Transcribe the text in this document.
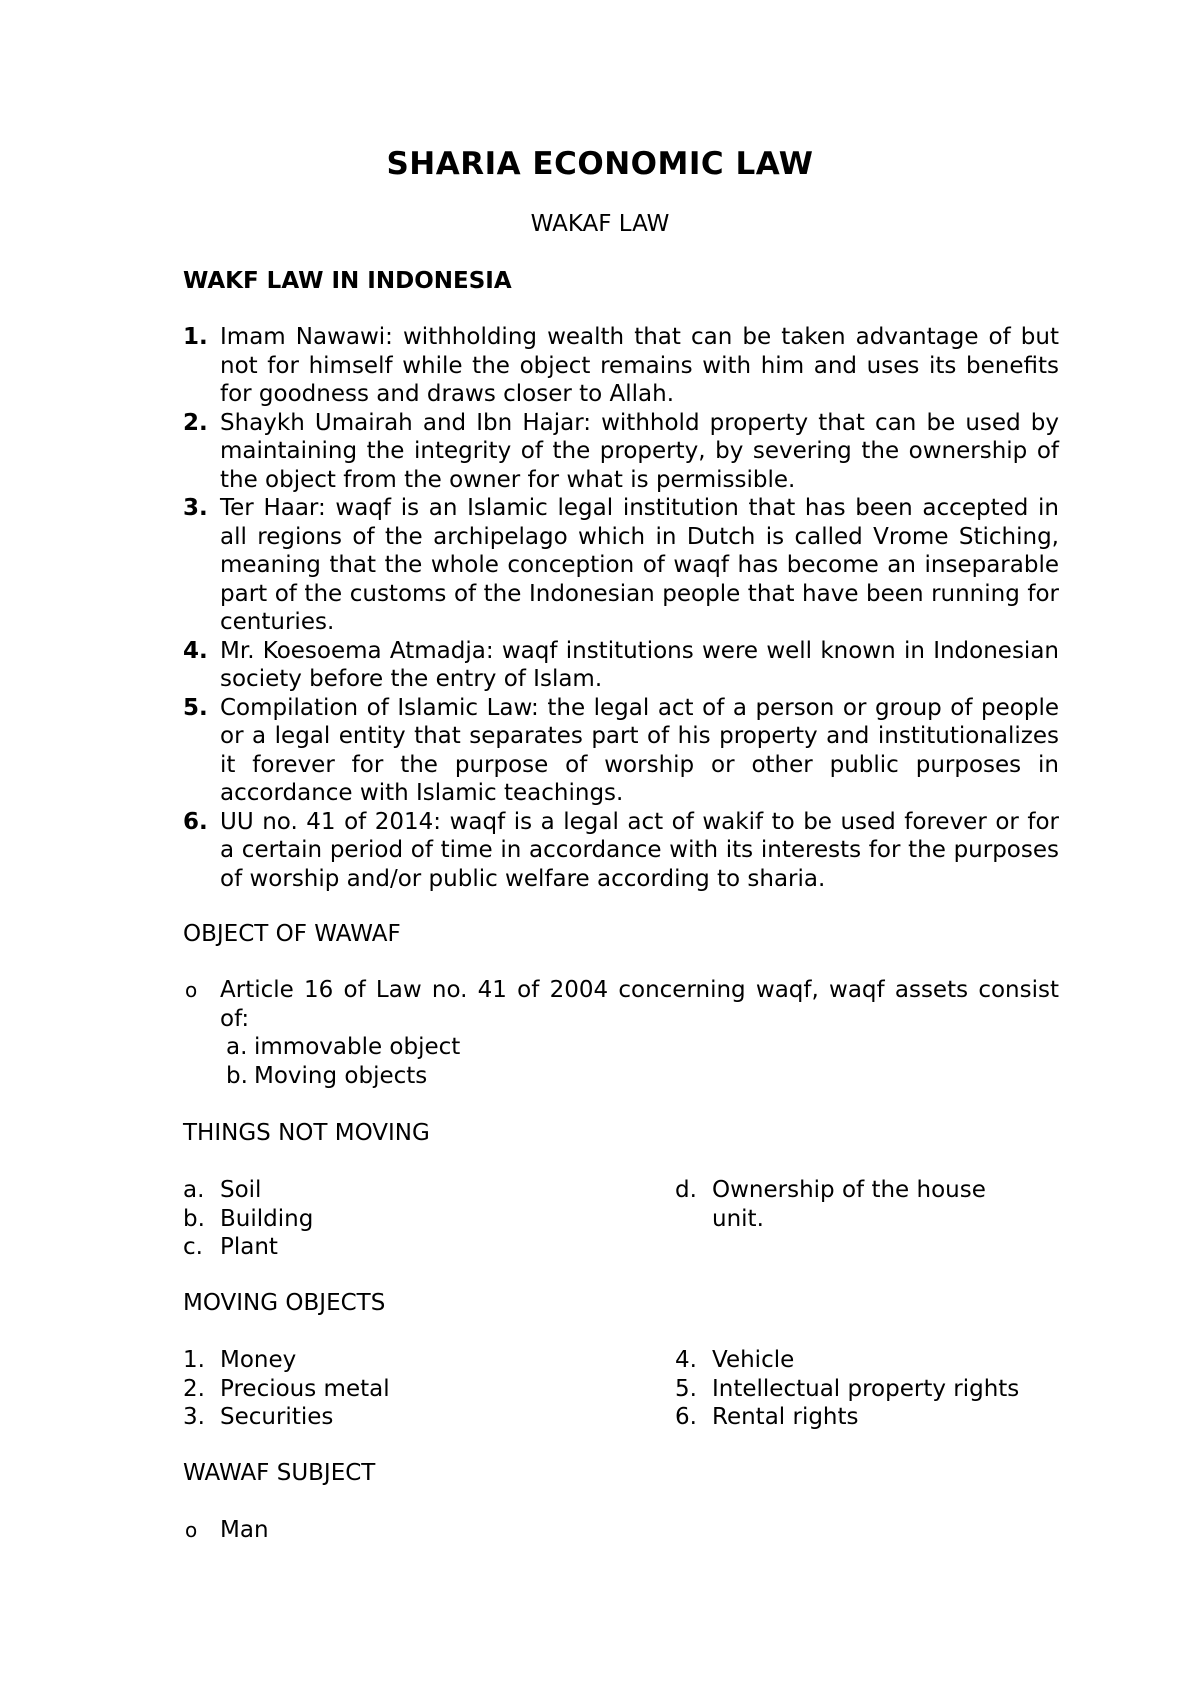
SHARIA ECONOMIC LAW
WAKAF LAW
WAKF LAW IN INDONESIA
1. Imam Nawawi: withholding wealth that can be taken advantage of but not for himself while the object remains with him and uses its benefits for goodness and draws closer to Allah.
2. Shaykh Umairah and Ibn Hajar: withhold property that can be used by maintaining the integrity of the property, by severing the ownership of the object from the owner for what is permissible.
3. Ter Haar: waqf is an Islamic legal institution that has been accepted in all regions of the archipelago which in Dutch is called Vrome Stiching, meaning that the whole conception of waqf has become an inseparable part of the customs of the Indonesian people that have been running for centuries.
4. Mr. Koesoema Atmadja: waqf institutions were well known in Indonesian society before the entry of Islam.
5. Compilation of Islamic Law: the legal act of a person or group of people or a legal entity that separates part of his property and institutionalizes it forever for the purpose of worship or other public purposes in accordance with Islamic teachings.
6. UU no. 41 of 2014: waqf is a legal act of wakif to be used forever or for a certain period of time in accordance with its interests for the purposes of worship and/or public welfare according to sharia.
OBJECT OF WAWAF
o Article 16 of Law no. 41 of 2004 concerning waqf, waqf assets consist of:
a. immovable object
b. Moving objects
THINGS NOT MOVING
a. Soil
b. Building
c. Plant
d. Ownership of the house unit.
MOVING OBJECTS
1. Money
2. Precious metal
3. Securities
4. Vehicle
5. Intellectual property rights
6. Rental rights
WAWAF SUBJECT
o Man
